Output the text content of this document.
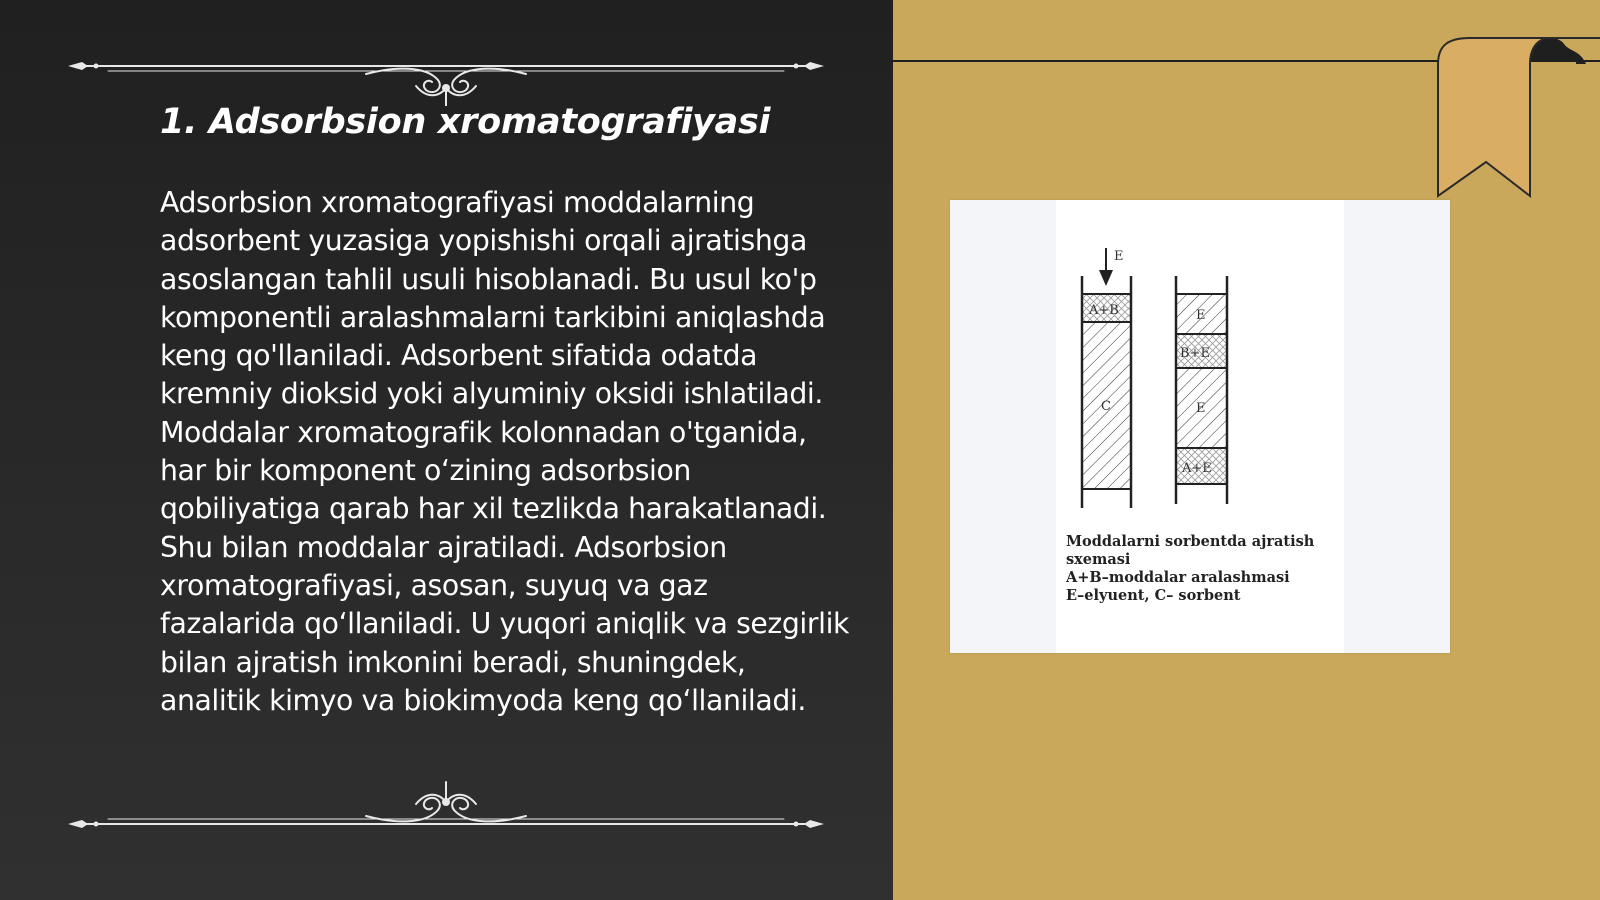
1. Adsorbsion xromatografiyasi

Adsorbsion xromatografiyasi moddalarning adsorbent yuzasiga yopishishi orqali ajratishga asoslangan tahlil usuli hisoblanadi. Bu usul ko'p komponentli aralashmalarni tarkibini aniqlashda keng qo'llaniladi. Adsorbent sifatida odatda kremniy dioksid yoki alyuminiy oksidi ishlatiladi. Moddalar xromatografik kolonnadan o'tganida, har bir komponent o‘zining adsorbsion qobiliyatiga qarab har xil tezlikda harakatlanadi. Shu bilan moddalar ajratiladi. Adsorbsion xromatografiyasi, asosan, suyuq va gaz fazalarida qo‘llaniladi. U yuqori aniqlik va sezgirlik bilan ajratish imkonini beradi, shuningdek, analitik kimyo va biokimyoda keng qo‘llaniladi.

E
A+B
C
E
B+E
E
A+E
Moddalarni sorbentda ajratish
sxemasi
A+B–moddalar aralashmasi
E–elyuent, C– sorbent
